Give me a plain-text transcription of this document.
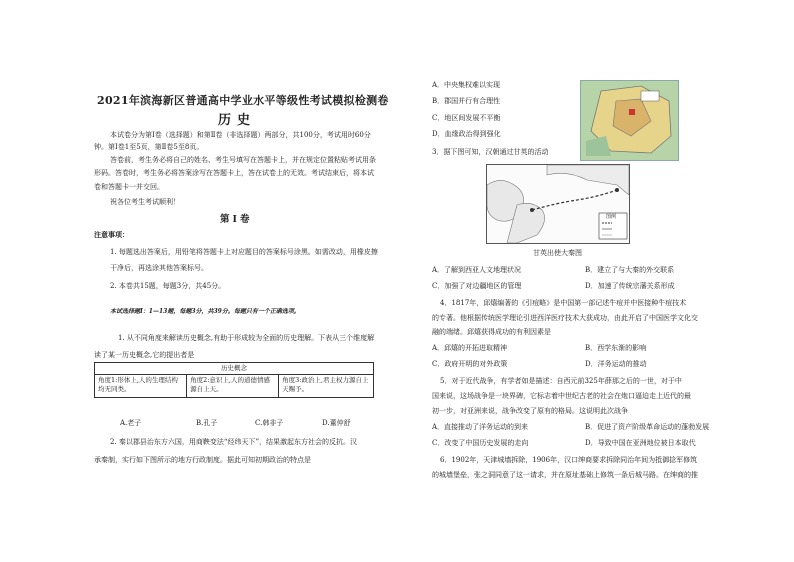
2021年滨海新区普通高中学业水平等级性考试模拟检测卷
历史
本试卷分为第Ⅰ卷（选择题）和第Ⅱ卷（非选择题）两部分，共100分，考试用时60分
钟。第Ⅰ卷1至5页，第Ⅱ卷5至8页。
答卷前，考生务必将自己的姓名、考生号填写在答题卡上，并在规定位置粘贴考试用条
形码。答卷时，考生务必将答案涂写在答题卡上，答在试卷上的无效。考试结束后，将本试
卷和答题卡一并交回。
祝各位考生考试顺利！
第Ⅰ卷
注意事项：
1. 每题选出答案后，用铅笔将答题卡上对应题目的答案标号涂黑。如需改动，用橡皮擦
干净后，再选涂其他答案标号。
2. 本卷共15题，每题3分，共45分。
本试选择题Ⅰ：1—13题，每题3分，共39分。每题只有一个正确选项。
1. 从不同角度来解读历史概念,有助于形成较为全面的历史理解。下表从三个维度解
读了某一历史概念,它的提出者是
历史概念
角度1:形体上,人的生理结构均无同类。	角度2:意识上,人的道德情感源自上天。	角度3:政治上,君主权力源自上天赐予。
A.老子	B.孔子	C.韩非子	D.董仲舒
2. 秦以郡县治东方六国，用商鞅变法“经纬天下”，结果激起东方社会的反抗。汉
承秦制，实行如下图所示的地方行政制度。据此可知初期政治的特点是
A．中央集权难以实现
B．郡国并行有合理性
C．地区间发展不平衡
D．血缘政治得到强化
3．据下图可知，汉朝通过甘英的活动
图例
甘英出使大秦图
A．了解到西亚人文地理状况	B．建立了与大秦的外交联系
C．加强了对边疆地区的管理	D．加速了传统宗藩关系形成
4．1817年，邱熺编著的《引痘略》是中国第一部记述牛痘并中医接种牛痘技术
的专著。他根据传统医学理论引进西洋医疗技术大获成功，由此开启了中国医学文化交
融的端绪。邱熺获得成功的有利因素是
A．邱熺的开拓进取精神	B．西学东渐的影响
C．政府开明的对外政策	D．洋务运动的推动
5．对于近代战争，有学者如是描述：自西元前325年薛那之后的一世，对于中
国来说，这场战争是一块界碑，它标志着中世纪古老的社会在炮口逼迫走上近代的最
初一步，对亚洲来说，战争改变了原有的格局。这说明此次战争
A．直接推动了洋务运动的到来	B．促进了资产阶级革命运动的蓬勃发展
C．改变了中国历史发展的走向	D．导致中国在亚洲地位被日本取代
6．1902年，天津城墙拆除，1906年，汉口绅商要求拆除同治年间为抵御捻军修筑
的城墙堡垒，张之洞同意了这一请求，并在原址基础上修筑一条后城马路。在绅商的推
